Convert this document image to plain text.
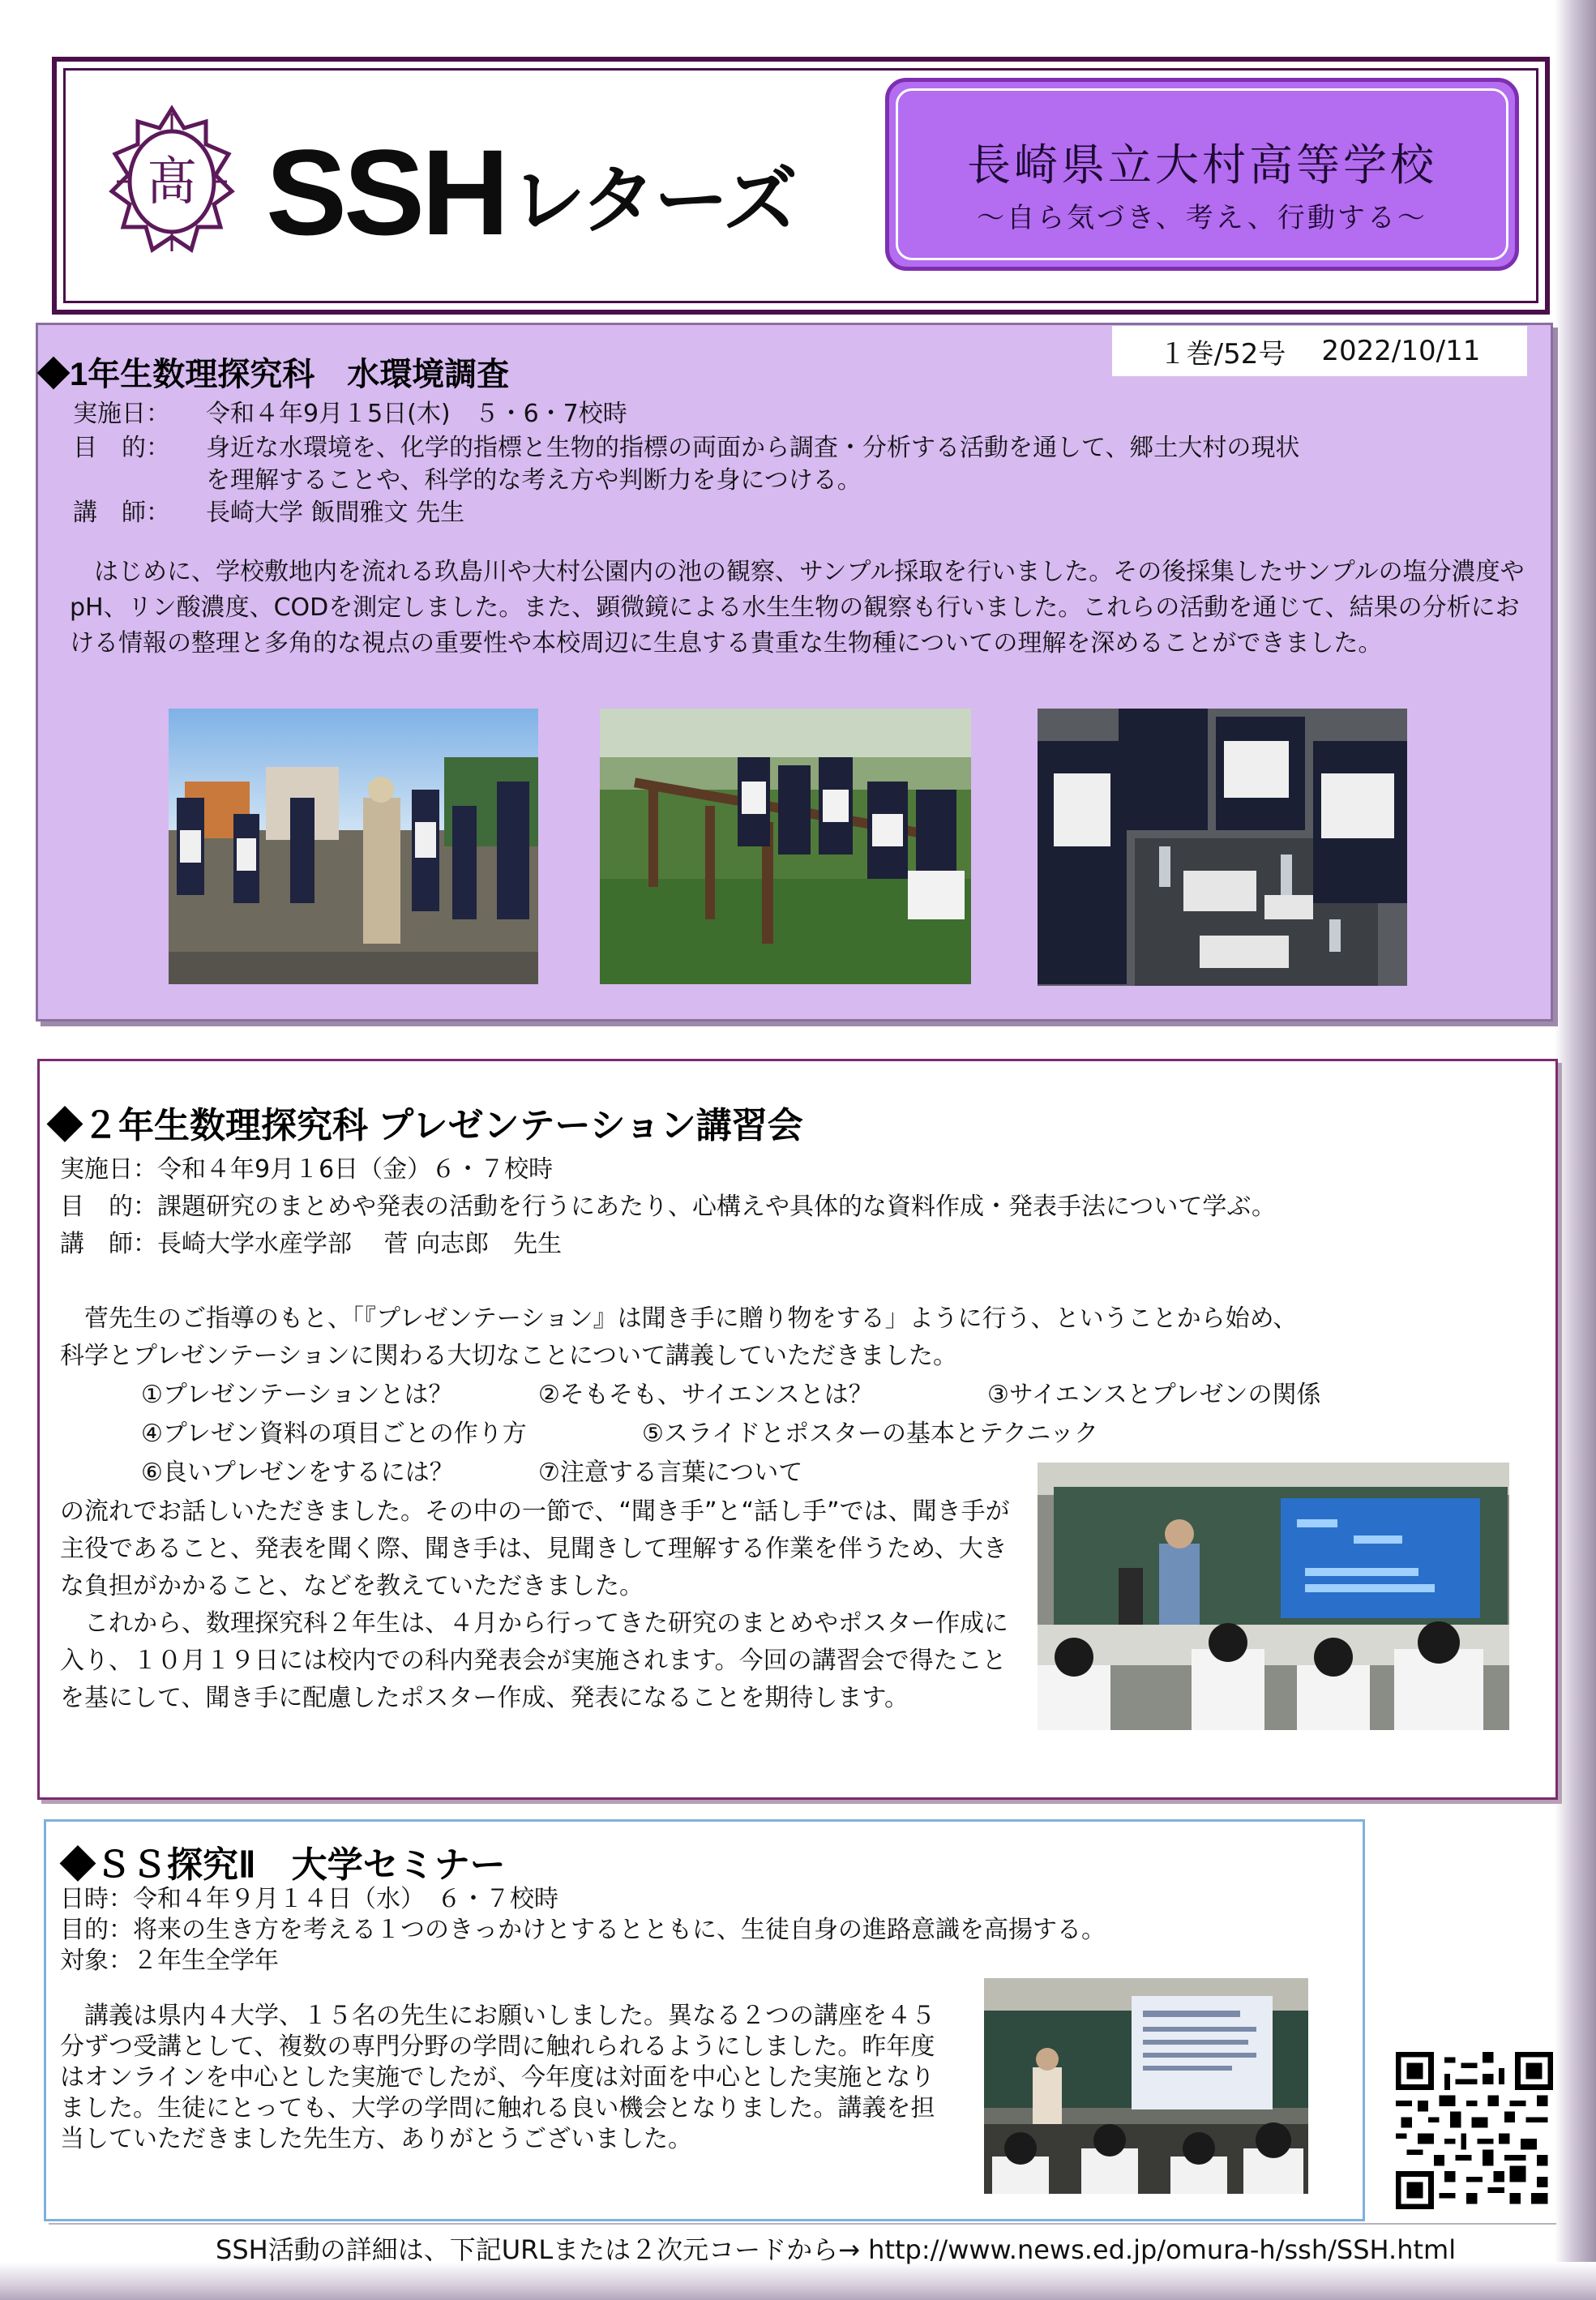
髙 SSH レターズ	長崎県立大村高等学校
～自ら気づき、考え、行動する～
１巻/52号 2022/10/11
◆1年生数理探究科　水環境調査
実施日： 令和４年9月１5日(木)　５・6・7校時
目　的： 身近な水環境を、化学的指標と生物的指標の両面から調査・分析する活動を通して、郷土大村の現状
を理解することや、科学的な考え方や判断力を身につける。
講　師： 長崎大学 飯間雅文 先生
　はじめに、学校敷地内を流れる玖島川や大村公園内の池の観察、サンプル採取を行いました。その後採集したサンプルの塩分濃度やpH、リン酸濃度、CODを測定しました。また、顕微鏡による水生生物の観察も行いました。これらの活動を通じて、結果の分析における情報の整理と多角的な視点の重要性や本校周辺に生息する貴重な生物種についての理解を深めることができました。
◆２年生数理探究科 プレゼンテーション講習会
実施日：令和４年9月１6日（金）６・７校時
目　的：課題研究のまとめや発表の活動を行うにあたり、心構えや具体的な資料作成・発表手法について学ぶ。
講　師：長崎大学水産学部　 菅 向志郎　先生
　菅先生のご指導のもと、「『プレゼンテーション』は聞き手に贈り物をする」ように行う、ということから始め、
科学とプレゼンテーションに関わる大切なことについて講義していただきました。
①プレゼンテーションとは？	②そもそも、サイエンスとは？	③サイエンスとプレゼンの関係
④プレゼン資料の項目ごとの作り方	⑤スライドとポスターの基本とテクニック
⑥良いプレゼンをするには？	⑦注意する言葉について
の流れでお話しいただきました。その中の一節で、“聞き手”と“話し手”では、聞き手が主役であること、発表を聞く際、聞き手は、見聞きして理解する作業を伴うため、大きな負担がかかること、などを教えていただきました。
　これから、数理探究科２年生は、４月から行ってきた研究のまとめやポスター作成に入り、１０月１９日には校内での科内発表会が実施されます。今回の講習会で得たことを基にして、聞き手に配慮したポスター作成、発表になることを期待します。
◆ＳＳ探究Ⅱ　大学セミナー
日時：令和４年９月１４日（水）　６・７校時
目的：将来の生き方を考える１つのきっかけとするとともに、生徒自身の進路意識を高揚する。
対象：２年生全学年
　講義は県内４大学、１５名の先生にお願いしました。異なる２つの講座を４５分ずつ受講として、複数の専門分野の学問に触れられるようにしました。昨年度はオンラインを中心とした実施でしたが、今年度は対面を中心とした実施となりました。生徒にとっても、大学の学問に触れる良い機会となりました。講義を担当していただきました先生方、ありがとうございました。
SSH活動の詳細は、下記URLまたは２次元コードから→ http://www.news.ed.jp/omura-h/ssh/SSH.html
